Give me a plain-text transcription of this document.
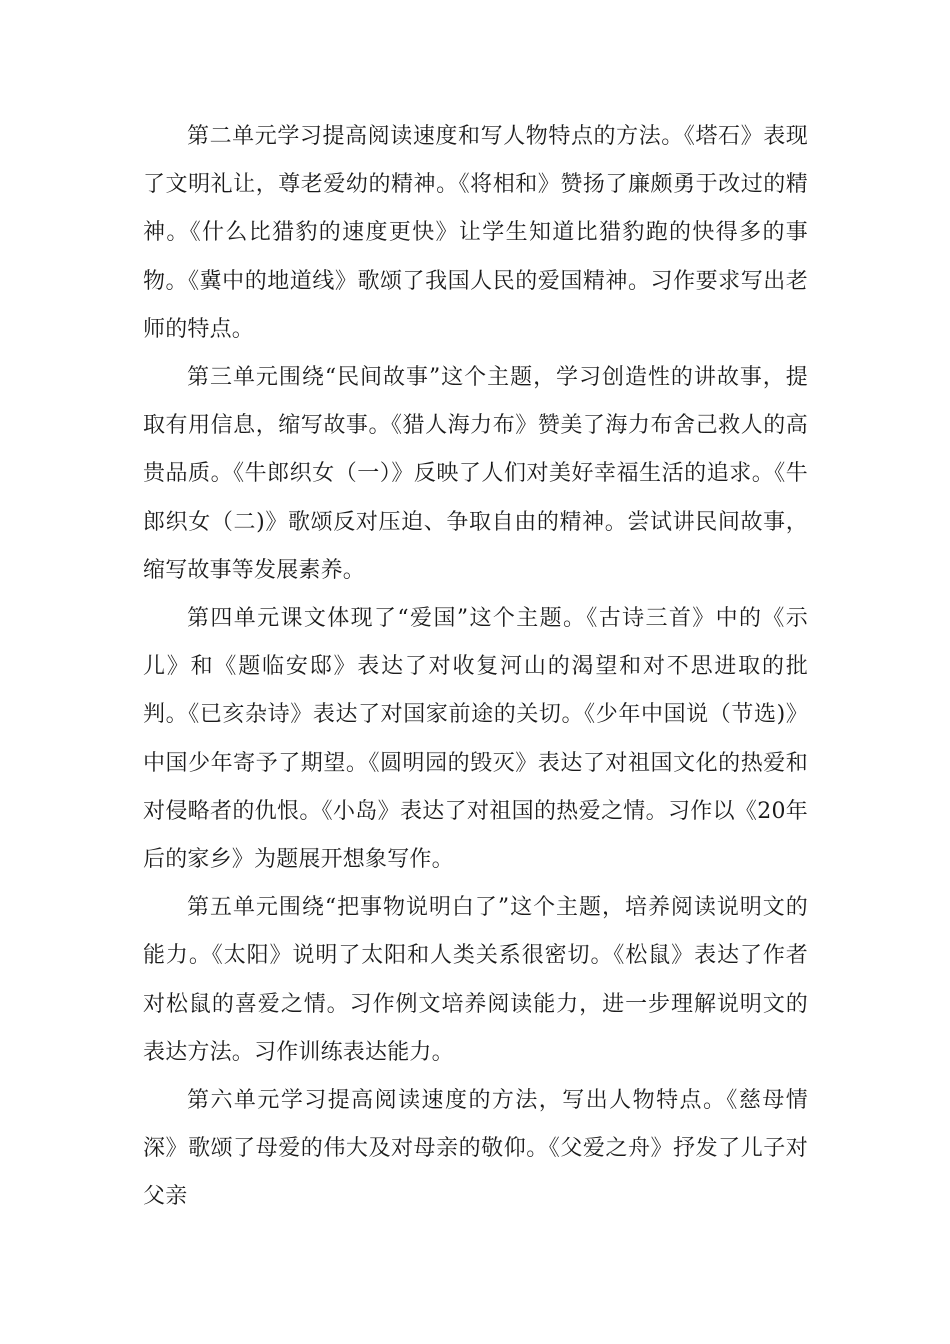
第二单元学习提高阅读速度和写人物特点的方法。《塔石》表现了文明礼让，尊老爱幼的精神。《将相和》赞扬了廉颇勇于改过的精神。《什么比猎豹的速度更快》让学生知道比猎豹跑的快得多的事物。《冀中的地道线》歌颂了我国人民的爱国精神。习作要求写出老师的特点。

第三单元围绕“民间故事”这个主题，学习创造性的讲故事，提取有用信息，缩写故事。《猎人海力布》赞美了海力布舍己救人的高贵品质。《牛郎织女（一）》反映了人们对美好幸福生活的追求。《牛郎织女（二)》歌颂反对压迫、争取自由的精神。尝试讲民间故事，缩写故事等发展素养。

第四单元课文体现了“爱国”这个主题。《古诗三首》中的《示儿》和《题临安邸》表达了对收复河山的渴望和对不思进取的批判。《已亥杂诗》表达了对国家前途的关切。《少年中国说（节选)》中国少年寄予了期望。《圆明园的毁灭》表达了对祖国文化的热爱和对侵略者的仇恨。《小岛》表达了对祖国的热爱之情。习作以《20年后的家乡》为题展开想象写作。

第五单元围绕“把事物说明白了”这个主题，培养阅读说明文的能力。《太阳》说明了太阳和人类关系很密切。《松鼠》表达了作者对松鼠的喜爱之情。习作例文培养阅读能力，进一步理解说明文的表达方法。习作训练表达能力。

第六单元学习提高阅读速度的方法，写出人物特点。《慈母情深》歌颂了母爱的伟大及对母亲的敬仰。《父爱之舟》抒发了儿子对父亲
